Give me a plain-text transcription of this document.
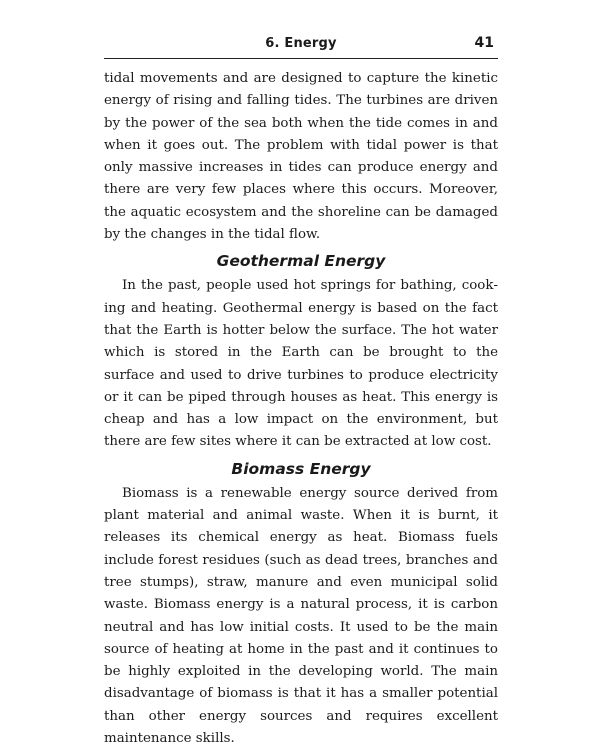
6. Energy	41

tidal movements and are designed to capture the kinetic energy of rising and falling tides. The turbines are driven by the power of the sea both when the tide comes in and when it goes out. The problem with tidal power is that only massive increases in tides can produce energy and there are very few places where this occurs. Moreover, the aquatic ecosystem and the shoreline can be damaged by the changes in the tidal flow.

Geothermal Energy

In the past, people used hot springs for bathing, cooking and heating. Geothermal energy is based on the fact that the Earth is hotter below the surface. The hot water which is stored in the Earth can be brought to the surface and used to drive turbines to produce electricity or it can be piped through houses as heat. This energy is cheap and has a low impact on the environment, but there are few sites where it can be extracted at low cost.

Biomass Energy

Biomass is a renewable energy source derived from plant material and animal waste. When it is burnt, it releases its chemical energy as heat. Biomass fuels include forest residues (such as dead trees, branches and tree stumps), straw, manure and even municipal solid waste. Biomass energy is a natural process, it is carbon neutral and has low initial costs. It used to be the main source of heating at home in the past and it continues to be highly exploited in the developing world. The main disadvantage of biomass is that it has a smaller potential than other energy sources and requires excellent maintenance skills.
